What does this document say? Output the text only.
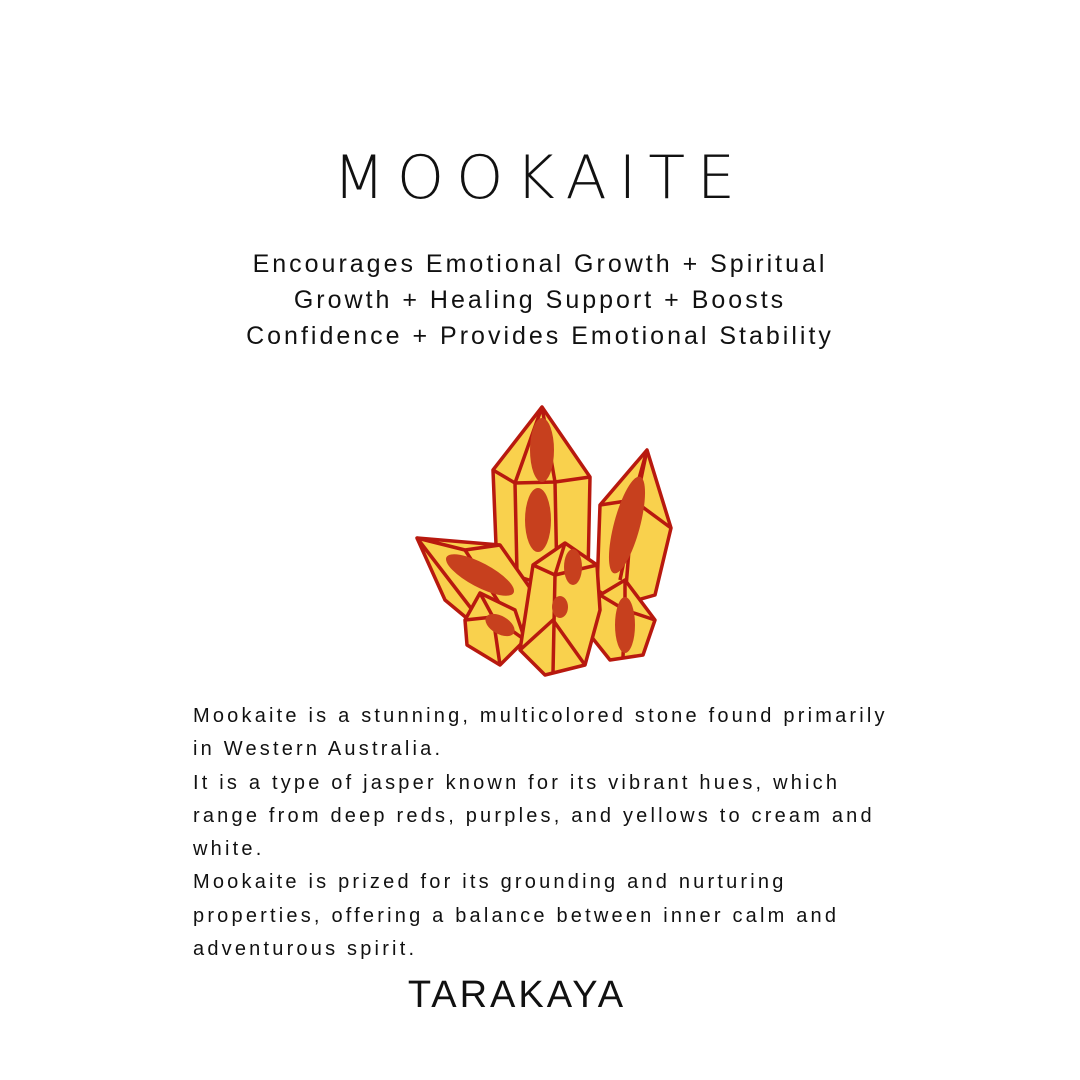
MOOKAITE
Encourages Emotional Growth + Spiritual
Growth + Healing Support + Boosts
Confidence + Provides Emotional Stability
Mookaite is a stunning, multicolored stone found primarily
in Western Australia.
It is a type of jasper known for its vibrant hues, which
range from deep reds, purples, and yellows to cream and
white.
Mookaite is prized for its grounding and nurturing
properties, offering a balance between inner calm and
adventurous spirit.
TARAKAYA
